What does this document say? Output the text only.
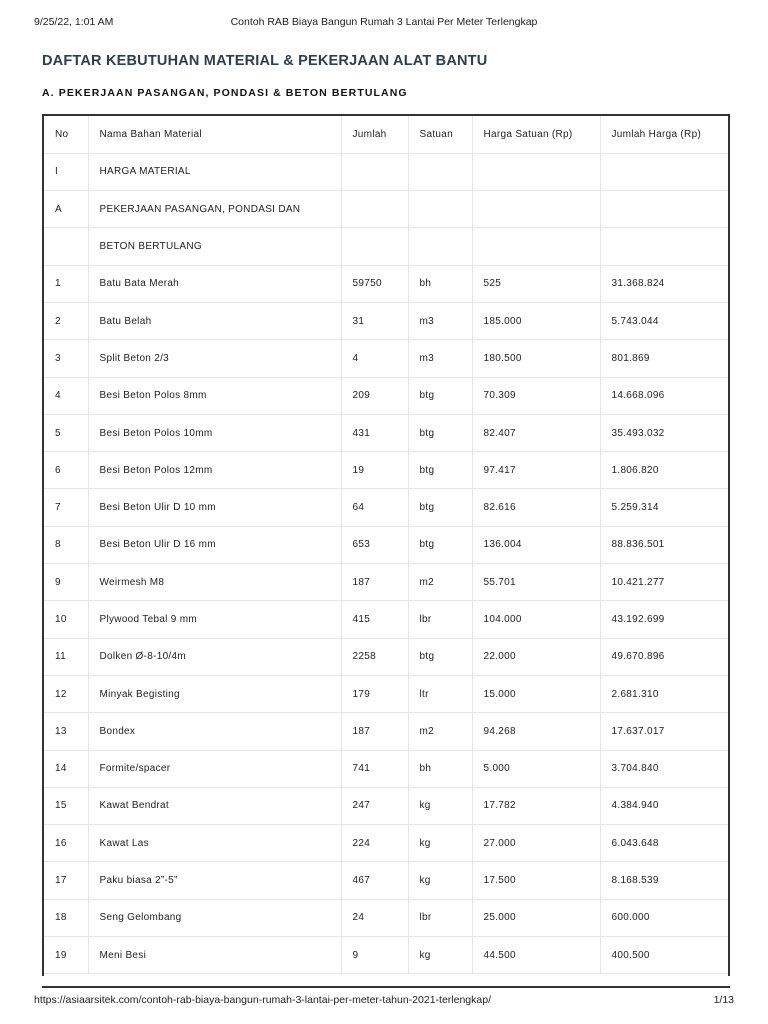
9/25/22, 1:01 AM	Contoh RAB Biaya Bangun Rumah 3 Lantai Per Meter Terlengkap
DAFTAR KEBUTUHAN MATERIAL & PEKERJAAN ALAT BANTU
A. PEKERJAAN PASANGAN, PONDASI & BETON BERTULANG
No	Nama Bahan Material	Jumlah	Satuan	Harga Satuan (Rp)	Jumlah Harga (Rp)
I	HARGA MATERIAL				
A	PEKERJAAN PASANGAN, PONDASI DAN				
	BETON BERTULANG				
1	Batu Bata Merah	59750	bh	525	31.368.824
2	Batu Belah	31	m3	185.000	5.743.044
3	Split Beton 2/3	4	m3	180.500	801.869
4	Besi Beton Polos 8mm	209	btg	70.309	14.668.096
5	Besi Beton Polos 10mm	431	btg	82.407	35.493.032
6	Besi Beton Polos 12mm	19	btg	97.417	1.806.820
7	Besi Beton Ulir D 10 mm	64	btg	82.616	5.259.314
8	Besi Beton Ulir D 16 mm	653	btg	136.004	88.836.501
9	Weirmesh M8	187	m2	55.701	10.421.277
10	Plywood Tebal 9 mm	415	lbr	104.000	43.192.699
11	Dolken Ø-8-10/4m	2258	btg	22.000	49.670.896
12	Minyak Begisting	179	ltr	15.000	2.681.310
13	Bondex	187	m2	94.268	17.637.017
14	Formite/spacer	741	bh	5.000	3.704.840
15	Kawat Bendrat	247	kg	17.782	4.384.940
16	Kawat Las	224	kg	27.000	6.043.648
17	Paku biasa 2”-5”	467	kg	17.500	8.168.539
18	Seng Gelombang	24	lbr	25.000	600.000
19	Meni Besi	9	kg	44.500	400.500
https://asiaarsitek.com/contoh-rab-biaya-bangun-rumah-3-lantai-per-meter-tahun-2021-terlengkap/	1/13
